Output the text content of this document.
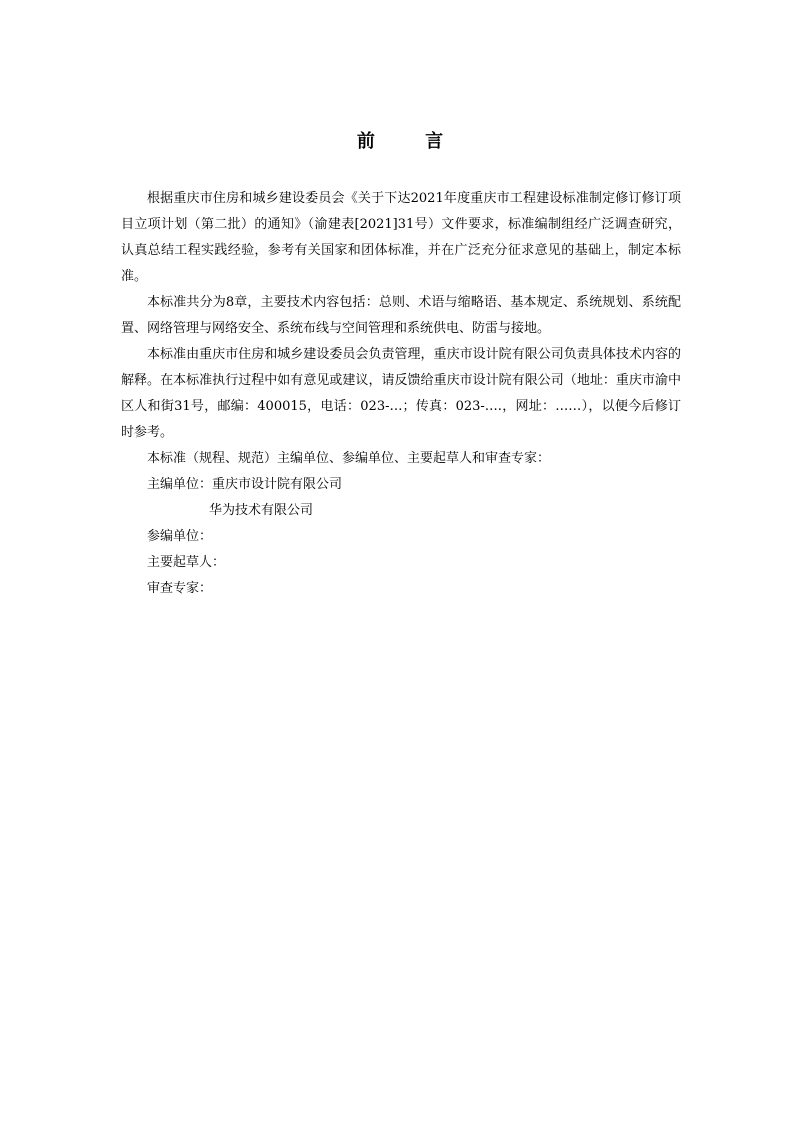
前 言

根据重庆市住房和城乡建设委员会《关于下达2021年度重庆市工程建设标准制定修订修订项目立项计划（第二批）的通知》（渝建表[2021]31号）文件要求，标准编制组经广泛调查研究，认真总结工程实践经验，参考有关国家和团体标准，并在广泛充分征求意见的基础上，制定本标准。

本标准共分为8章，主要技术内容包括：总则、术语与缩略语、基本规定、系统规划、系统配置、网络管理与网络安全、系统布线与空间管理和系统供电、防雷与接地。

本标准由重庆市住房和城乡建设委员会负责管理，重庆市设计院有限公司负责具体技术内容的解释。在本标准执行过程中如有意见或建议，请反馈给重庆市设计院有限公司（地址：重庆市渝中区人和街31号，邮编：400015，电话：023-…；传真：023-….，网址：……），以便今后修订时参考。

本标准（规程、规范）主编单位、参编单位、主要起草人和审查专家：

主编单位：重庆市设计院有限公司

华为技术有限公司

参编单位：

主要起草人：

审查专家：
